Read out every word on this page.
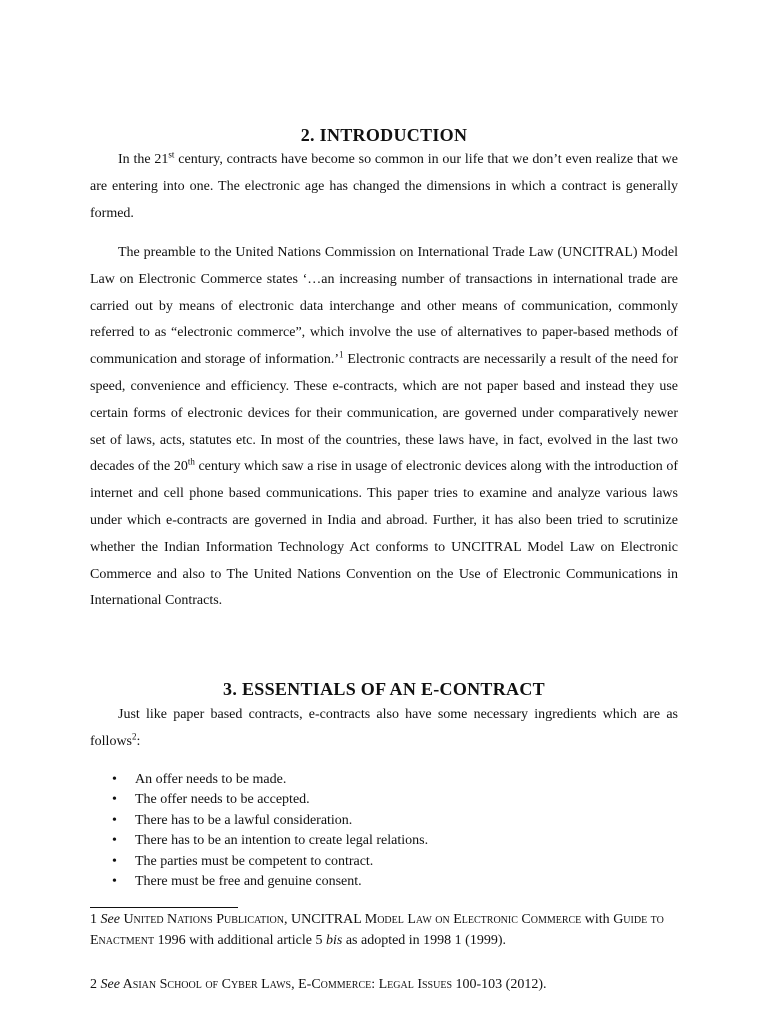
2. INTRODUCTION

In the 21st century, contracts have become so common in our life that we don’t even realize that we are entering into one. The electronic age has changed the dimensions in which a contract is generally formed.

The preamble to the United Nations Commission on International Trade Law (UNCITRAL) Model Law on Electronic Commerce states ‘…an increasing number of transactions in international trade are carried out by means of electronic data interchange and other means of communication, commonly referred to as “electronic commerce”, which involve the use of alternatives to paper-based methods of communication and storage of information.’$^1$ Electronic contracts are necessarily a result of the need for speed, convenience and efficiency. These e-contracts, which are not paper based and instead they use certain forms of electronic devices for their communication, are governed under comparatively newer set of laws, acts, statutes etc. In most of the countries, these laws have, in fact, evolved in the last two decades of the 20th century which saw a rise in usage of electronic devices along with the introduction of internet and cell phone based communications. This paper tries to examine and analyze various laws under which e-contracts are governed in India and abroad. Further, it has also been tried to scrutinize whether the Indian Information Technology Act conforms to UNCITRAL Model Law on Electronic Commerce and also to The United Nations Convention on the Use of Electronic Communications in International Contracts.

3. ESSENTIALS OF AN E-CONTRACT

Just like paper based contracts, e-contracts also have some necessary ingredients which are as follows$^2$:

• An offer needs to be made.
• The offer needs to be accepted.
• There has to be a lawful consideration.
• There has to be an intention to create legal relations.
• The parties must be competent to contract.
• There must be free and genuine consent.

1 See United Nations Publication, UNCITRAL Model Law on Electronic Commerce with Guide to Enactment 1996 with additional article 5 bis as adopted in 1998 1 (1999).

2 See Asian School of Cyber Laws, E-Commerce: Legal Issues 100-103 (2012).
